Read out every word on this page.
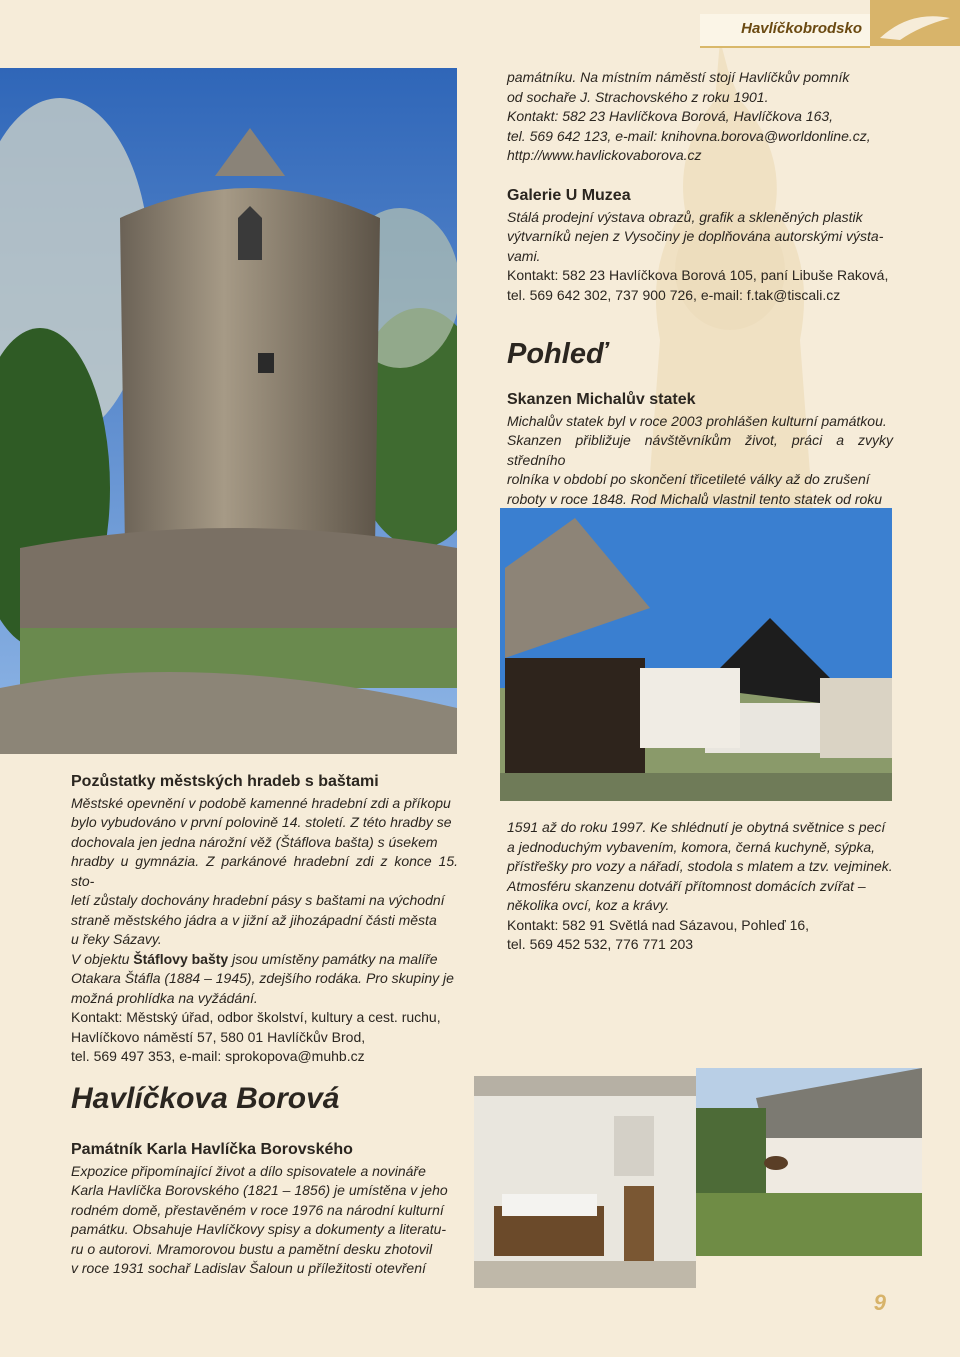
Havlíčkobrodsko

památníku. Na místním náměstí stojí Havlíčkův pomník

od sochaře J. Strachovského z roku 1901.

Kontakt: 582 23 Havlíčkova Borová, Havlíčkova 163,

tel. 569 642 123, e-mail: knihovna.borova@worldonline.cz,

http://www.havlickovaborova.cz

Galerie U Muzea

Stálá prodejní výstava obrazů, grafik a skleněných plastik

výtvarníků nejen z Vysočiny je doplňována autorskými výsta-

vami.

Kontakt: 582 23 Havlíčkova Borová 105, paní Libuše Raková,

tel. 569 642 302, 737 900 726, e-mail: f.tak@tiscali.cz

Pohleď

Skanzen Michalův statek

Michalův statek byl v roce 2003 prohlášen kulturní památkou.

Skanzen přibližuje návštěvníkům život, práci a zvyky středního

rolníka v období po skončení třicetileté války až do zrušení

roboty v roce 1848. Rod Michalů vlastnil tento statek od roku

1591 až do roku 1997. Ke shlédnutí je obytná světnice s pecí

a jednoduchým vybavením, komora, černá kuchyně, sýpka,

přístřešky pro vozy a nářadí, stodola s mlatem a tzv. vejminek.

Atmosféru skanzenu dotváří přítomnost domácích zvířat –

několika ovcí, koz a krávy.

Kontakt: 582 91 Světlá nad Sázavou, Pohleď 16,

tel. 569 452 532, 776 771 203

Pozůstatky městských hradeb s baštami

Městské opevnění v podobě kamenné hradební zdi a příkopu

bylo vybudováno v první polovině 14. století. Z této hradby se

dochovala jen jedna nárožní věž (Štáflova bašta) s úsekem

hradby u gymnázia. Z parkánové hradební zdi z konce 15. sto-

letí zůstaly dochovány hradební pásy s baštami na východní

straně městského jádra a v jižní až jihozápadní části města

u řeky Sázavy.

V objektu Štáflovy bašty jsou umístěny památky na malíře

Otakara Štáfla (1884 – 1945), zdejšího rodáka. Pro skupiny je

možná prohlídka na vyžádání.

Kontakt: Městský úřad, odbor školství, kultury a cest. ruchu,

Havlíčkovo náměstí 57, 580 01 Havlíčkův Brod,

tel. 569 497 353, e-mail: sprokopova@muhb.cz

Havlíčkova Borová

Památník Karla Havlíčka Borovského

Expozice připomínající život a dílo spisovatele a novináře

Karla Havlíčka Borovského (1821 – 1856) je umístěna v jeho

rodném domě, přestavěném v roce 1976 na národní kulturní

památku. Obsahuje Havlíčkovy spisy a dokumenty a literatu-

ru o autorovi. Mramorovou bustu a pamětní desku zhotovil

v roce 1931 sochař Ladislav Šaloun u příležitosti otevření

9
